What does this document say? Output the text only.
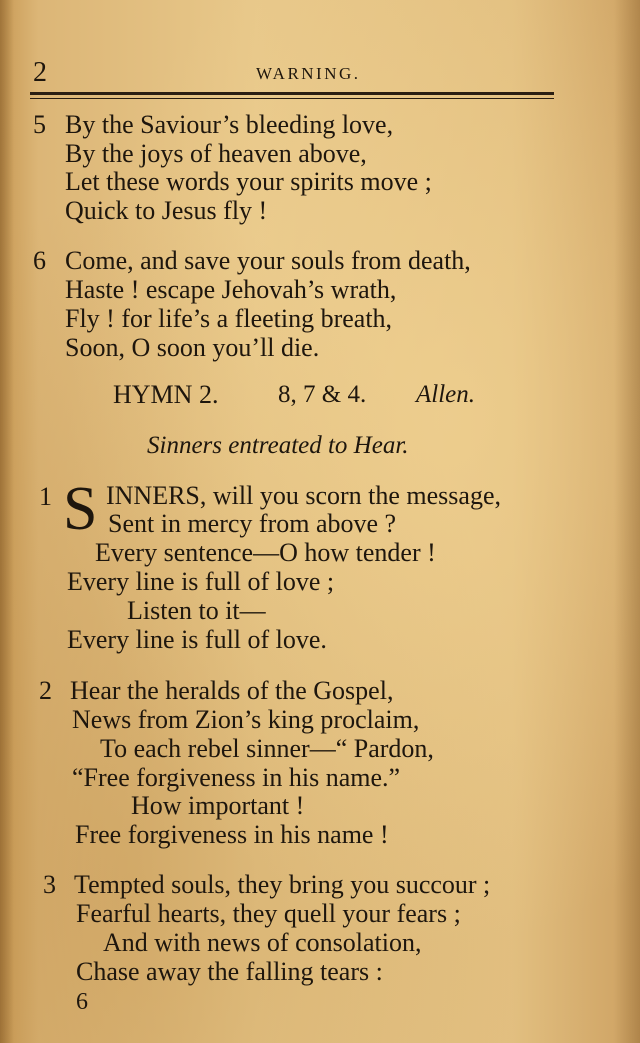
2	WARNING.
5 By the Saviour’s bleeding love,
By the joys of heaven above,
Let these words your spirits move ;
Quick to Jesus fly !
6 Come, and save your souls from death,
Haste ! escape Jehovah’s wrath,
Fly ! for life’s a fleeting breath,
Soon, O soon you’ll die.
HYMN 2. 8, 7 & 4. Allen.
Sinners entreated to Hear.
1 S INNERS, will you scorn the message,
Sent in mercy from above ?
Every sentence—O how tender !
Every line is full of love ;
Listen to it—
Every line is full of love.
2 Hear the heralds of the Gospel,
News from Zion’s king proclaim,
To each rebel sinner—“ Pardon,
“Free forgiveness in his name.”
How important !
Free forgiveness in his name !
3 Tempted souls, they bring you succour ;
Fearful hearts, they quell your fears ;
And with news of consolation,
Chase away the falling tears :
6
